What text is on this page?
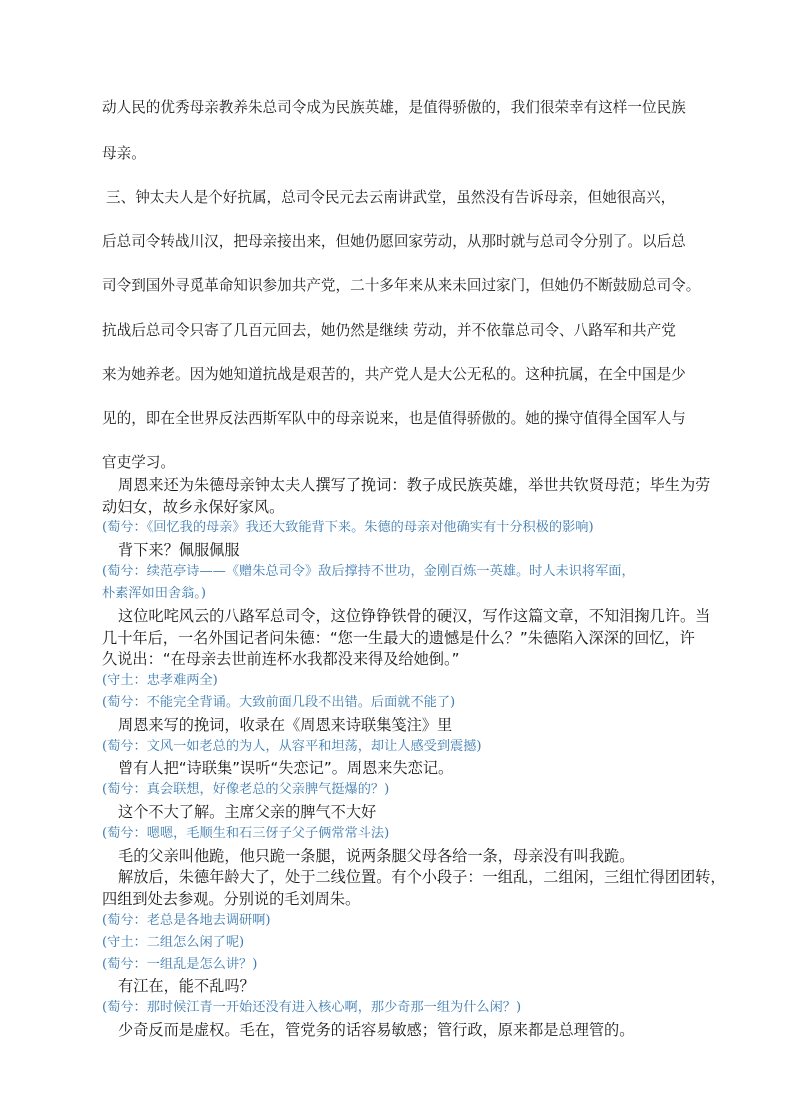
动人民的优秀母亲教养朱总司令成为民族英雄，是值得骄傲的，我们很荣幸有这样一位民族

母亲。

三、钟太夫人是个好抗属，总司令民元去云南讲武堂，虽然没有告诉母亲，但她很高兴，

后总司令转战川汉，把母亲接出来，但她仍愿回家劳动，从那时就与总司令分别了。以后总

司令到国外寻觅革命知识参加共产党，二十多年来从来未回过家门，但她仍不断鼓励总司令。

抗战后总司令只寄了几百元回去，她仍然是继续 劳动，并不依靠总司令、八路军和共产党

来为她养老。因为她知道抗战是艰苦的，共产党人是大公无私的。这种抗属，在全中国是少

见的，即在全世界反法西斯军队中的母亲说来，也是值得骄傲的。她的操守值得全国军人与

官吏学习。

周恩来还为朱德母亲钟太夫人撰写了挽词：教子成民族英雄，举世共钦贤母范；毕生为劳

动妇女，故乡永保好家风。

(萄兮：《回忆我的母亲》我还大致能背下来。朱德的母亲对他确实有十分积极的影响)

背下来？佩服佩服

(萄兮：续范亭诗——《赠朱总司令》敌后撑持不世功，金刚百炼一英雄。时人未识将军面，

朴素浑如田舍翁。)

这位叱咤风云的八路军总司令，这位铮铮铁骨的硬汉，写作这篇文章，不知泪掬几许。当

几十年后，一名外国记者问朱德：“您一生最大的遗憾是什么？”朱德陷入深深的回忆，许

久说出：“在母亲去世前连杯水我都没来得及给她倒。”

(守土：忠孝难两全)

(萄兮：不能完全背诵。大致前面几段不出错。后面就不能了)

周恩来写的挽词，收录在《周恩来诗联集笺注》里

(萄兮：文风一如老总的为人，从容平和坦荡，却让人感受到震撼)

曾有人把“诗联集”误听“失恋记”。周恩来失恋记。

(萄兮：真会联想，好像老总的父亲脾气挺爆的？)

这个不大了解。主席父亲的脾气不大好

(萄兮：嗯嗯，毛顺生和石三伢子父子俩常常斗法)

毛的父亲叫他跪，他只跪一条腿，说两条腿父母各给一条，母亲没有叫我跪。

解放后，朱德年龄大了，处于二线位置。有个小段子：一组乱，二组闲，三组忙得团团转，

四组到处去参观。分别说的毛刘周朱。

(萄兮：老总是各地去调研啊)

(守土：二组怎么闲了呢)

(萄兮：一组乱是怎么讲？)

有江在，能不乱吗？

(萄兮：那时候江青一开始还没有进入核心啊，那少奇那一组为什么闲？)

少奇反而是虚权。毛在，管党务的话容易敏感；管行政，原来都是总理管的。
